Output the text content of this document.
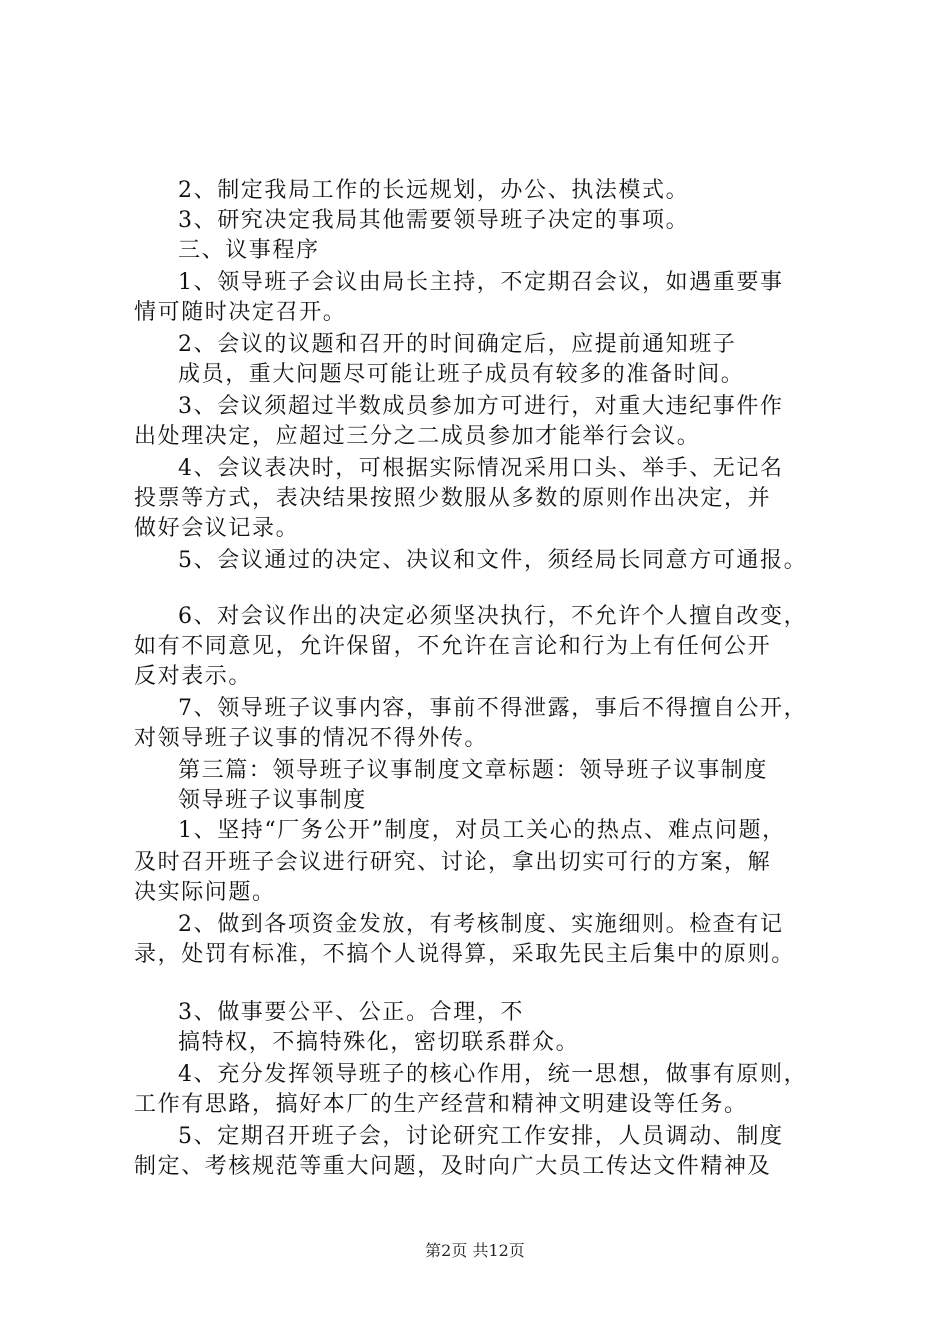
2、制定我局工作的长远规划，办公、执法模式。
3、研究决定我局其他需要领导班子决定的事项。
三、议事程序
1、领导班子会议由局长主持，不定期召会议，如遇重要事
情可随时决定召开。
2、会议的议题和召开的时间确定后，应提前通知班子
成员，重大问题尽可能让班子成员有较多的准备时间。
3、会议须超过半数成员参加方可进行，对重大违纪事件作
出处理决定，应超过三分之二成员参加才能举行会议。
4、会议表决时，可根据实际情况采用口头、举手、无记名
投票等方式，表决结果按照少数服从多数的原则作出决定，并
做好会议记录。
5、会议通过的决定、决议和文件，须经局长同意方可通报。
6、对会议作出的决定必须坚决执行，不允许个人擅自改变，
如有不同意见，允许保留，不允许在言论和行为上有任何公开
反对表示。
7、领导班子议事内容，事前不得泄露，事后不得擅自公开，
对领导班子议事的情况不得外传。
第三篇：领导班子议事制度文章标题：领导班子议事制度
领导班子议事制度
1、坚持“厂务公开”制度，对员工关心的热点、难点问题，
及时召开班子会议进行研究、讨论，拿出切实可行的方案，解
决实际问题。
2、做到各项资金发放，有考核制度、实施细则。检查有记
录，处罚有标准，不搞个人说得算，采取先民主后集中的原则。
3、做事要公平、公正。合理，不
搞特权，不搞特殊化，密切联系群众。
4、充分发挥领导班子的核心作用，统一思想，做事有原则，
工作有思路，搞好本厂的生产经营和精神文明建设等任务。
5、定期召开班子会，讨论研究工作安排，人员调动、制度
制定、考核规范等重大问题，及时向广大员工传达文件精神及
第2页 共12页
